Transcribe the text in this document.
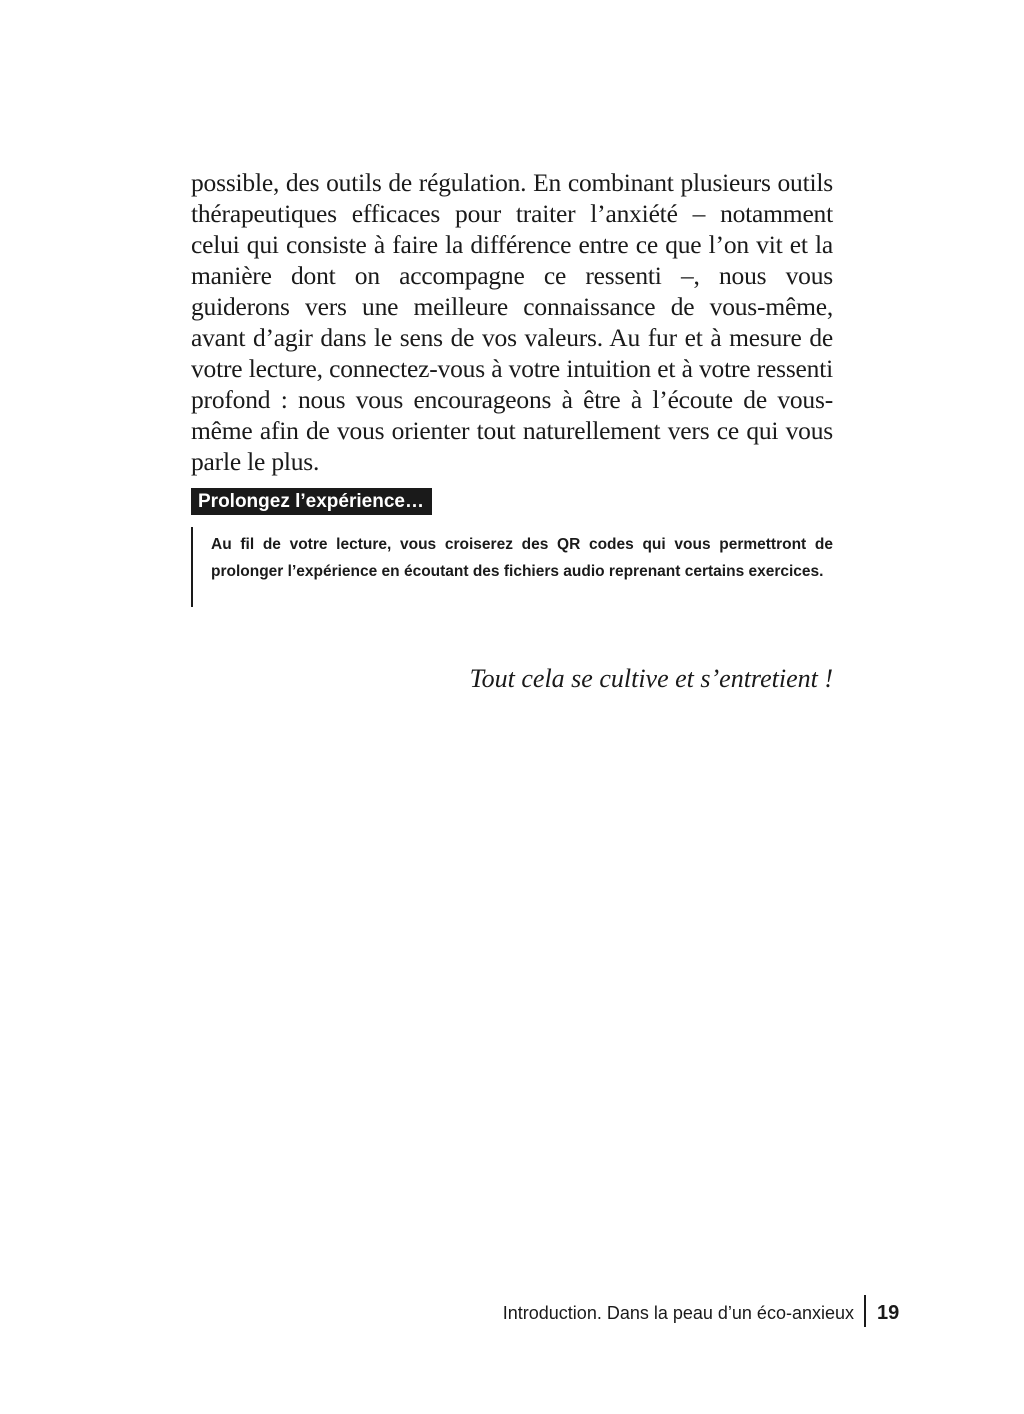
possible, des outils de régulation. En combinant plusieurs outils thérapeutiques efficaces pour traiter l’anxiété – notamment celui qui consiste à faire la différence entre ce que l’on vit et la manière dont on accompagne ce ressenti –, nous vous guiderons vers une meilleure connaissance de vous-même, avant d’agir dans le sens de vos valeurs. Au fur et à mesure de votre lecture, connectez-vous à votre intuition et à votre ressenti profond : nous vous encourageons à être à l’écoute de vous-même afin de vous orienter tout naturellement vers ce qui vous parle le plus.

Prolongez l’expérience…

Au fil de votre lecture, vous croiserez des QR codes qui vous permettront de prolonger l’expérience en écoutant des fichiers audio reprenant certains exercices.

Tout cela se cultive et s’entretient !

Introduction. Dans la peau d’un éco-anxieux 19
